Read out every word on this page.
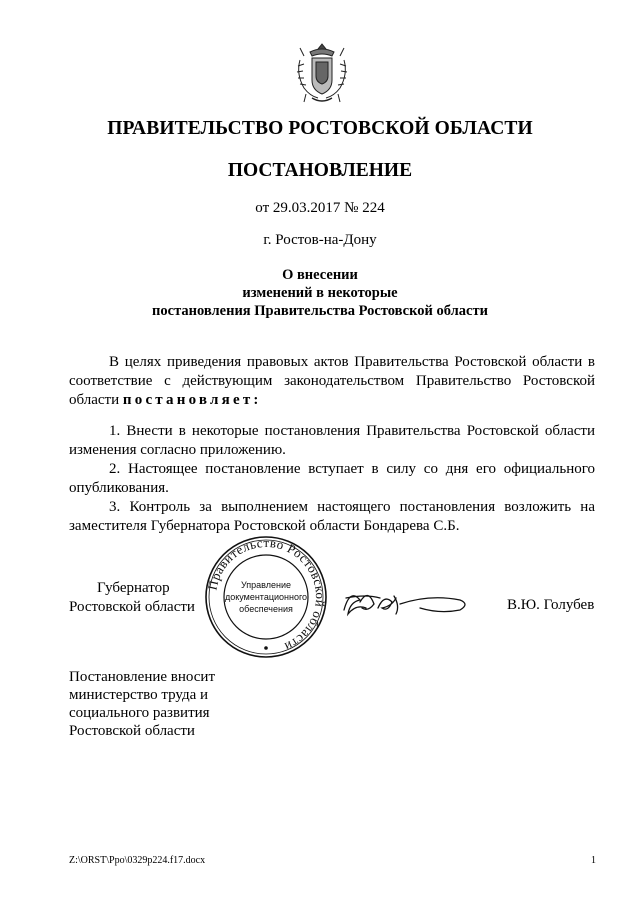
ПРАВИТЕЛЬСТВО РОСТОВСКОЙ ОБЛАСТИ
ПОСТАНОВЛЕНИЕ
от 29.03.2017 № 224
г. Ростов-на-Дону
О внесении
изменений в некоторые
постановления Правительства Ростовской области

В целях приведения правовых актов Правительства Ростовской области в соответствие с действующим законодательством Правительство Ростовской области постановляет:

1. Внести в некоторые постановления Правительства Ростовской области изменения согласно приложению.

2. Настоящее постановление вступает в силу со дня его официального опубликования.

3. Контроль за выполнением настоящего постановления возложить на заместителя Губернатора Ростовской области Бондарева С.Б.

Губернатор
Ростовской области
Правительство Ростовской области
Управление
документационного
обеспечения	В.Ю. Голубев
Постановление вносит
министерство труда и
социального развития
Ростовской области
Z:\ORST\Ppo\0329p224.f17.docx	1
